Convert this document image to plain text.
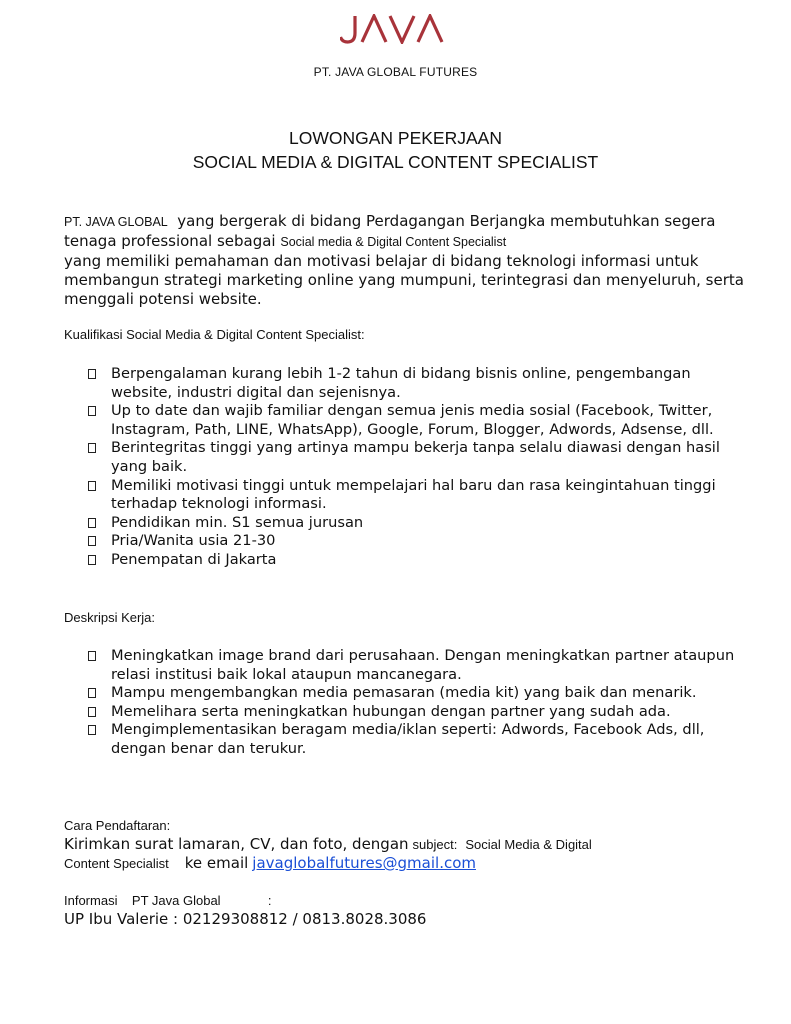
PT. JAVA GLOBAL FUTURES
LOWONGAN PEKERJAAN
SOCIAL MEDIA & DIGITAL CONTENT SPECIALIST
PT. JAVA GLOBAL yang bergerak di bidang Perdagangan Berjangka membutuhkan segera tenaga professional sebagai Social media & Digital Content Specialist
yang memiliki pemahaman dan motivasi belajar di bidang teknologi informasi untuk membangun strategi marketing online yang mumpuni, terintegrasi dan menyeluruh, serta menggali potensi website.
Kualifikasi Social Media & Digital Content Specialist:
Berpengalaman kurang lebih 1-2 tahun di bidang bisnis online, pengembangan website, industri digital dan sejenisnya.
Up to date dan wajib familiar dengan semua jenis media sosial (Facebook, Twitter, Instagram, Path, LINE, WhatsApp), Google, Forum, Blogger, Adwords, Adsense, dll.
Berintegritas tinggi yang artinya mampu bekerja tanpa selalu diawasi dengan hasil yang baik.
Memiliki motivasi tinggi untuk mempelajari hal baru dan rasa keingintahuan tinggi terhadap teknologi informasi.
Pendidikan min. S1 semua jurusan
Pria/Wanita usia 21-30
Penempatan di Jakarta
Deskripsi Kerja:
Meningkatkan image brand dari perusahaan. Dengan meningkatkan partner ataupun relasi institusi baik lokal ataupun mancanegara.
Mampu mengembangkan media pemasaran (media kit) yang baik dan menarik.
Memelihara serta meningkatkan hubungan dengan partner yang sudah ada.
Mengimplementasikan beragam media/iklan seperti: Adwords, Facebook Ads, dll, dengan benar dan terukur.
Cara Pendaftaran:
Kirimkan surat lamaran, CV, dan foto, dengan subject: Social Media & Digital
Content Specialist ke email javaglobalfutures@gmail.com
Informasi PT Java Global	:
UP Ibu Valerie : 02129308812 / 0813.8028.3086
